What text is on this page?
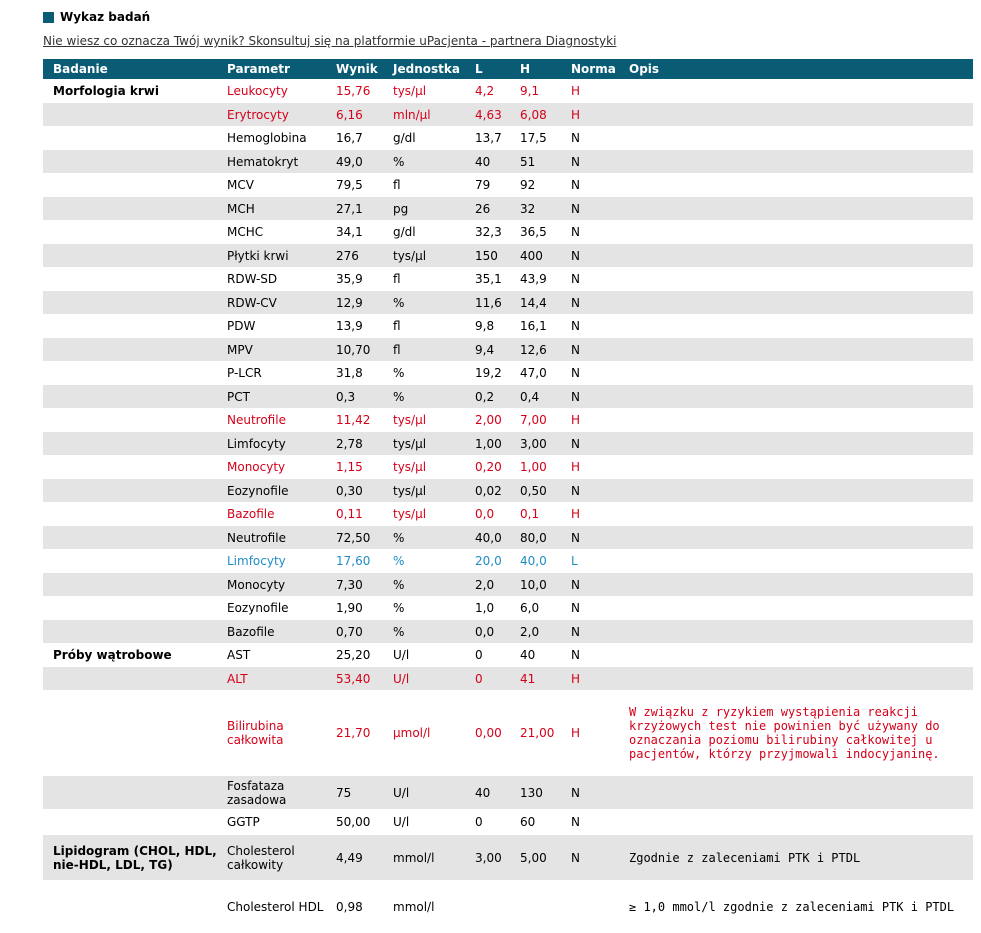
Wykaz badań
Nie wiesz co oznacza Twój wynik? Skonsultuj się na platformie uPacjenta - partnera Diagnostyki
Badanie	Parametr	Wynik	Jednostka	L	H	Norma	Opis
Morfologia krwi	Leukocyty	15,76	tys/µl	4,2	9,1	H	
	Erytrocyty	6,16	mln/µl	4,63	6,08	H	
	Hemoglobina	16,7	g/dl	13,7	17,5	N	
	Hematokryt	49,0	%	40	51	N	
	MCV	79,5	fl	79	92	N	
	MCH	27,1	pg	26	32	N	
	MCHC	34,1	g/dl	32,3	36,5	N	
	Płytki krwi	276	tys/µl	150	400	N	
	RDW-SD	35,9	fl	35,1	43,9	N	
	RDW-CV	12,9	%	11,6	14,4	N	
	PDW	13,9	fl	9,8	16,1	N	
	MPV	10,70	fl	9,4	12,6	N	
	P-LCR	31,8	%	19,2	47,0	N	
	PCT	0,3	%	0,2	0,4	N	
	Neutrofile	11,42	tys/µl	2,00	7,00	H	
	Limfocyty	2,78	tys/µl	1,00	3,00	N	
	Monocyty	1,15	tys/µl	0,20	1,00	H	
	Eozynofile	0,30	tys/µl	0,02	0,50	N	
	Bazofile	0,11	tys/µl	0,0	0,1	H	
	Neutrofile	72,50	%	40,0	80,0	N	
	Limfocyty	17,60	%	20,0	40,0	L	
	Monocyty	7,30	%	2,0	10,0	N	
	Eozynofile	1,90	%	1,0	6,0	N	
	Bazofile	0,70	%	0,0	2,0	N	
Próby wątrobowe	AST	25,20	U/l	0	40	N	
	ALT	53,40	U/l	0	41	H	
	Bilirubina całkowita	21,70	µmol/l	0,00	21,00	H	W związku z ryzykiem wystąpienia reakcji krzyżowych test nie powinien być używany do oznaczania poziomu bilirubiny całkowitej u pacjentów, którzy przyjmowali indocyjaninę.
	Fosfataza zasadowa	75	U/l	40	130	N	
	GGTP	50,00	U/l	0	60	N	
Lipidogram (CHOL, HDL, nie-HDL, LDL, TG)	Cholesterol całkowity	4,49	mmol/l	3,00	5,00	N	Zgodnie z zaleceniami PTK i PTDL
	Cholesterol HDL	0,98	mmol/l				≥ 1,0 mmol/l zgodnie z zaleceniami PTK i PTDL
